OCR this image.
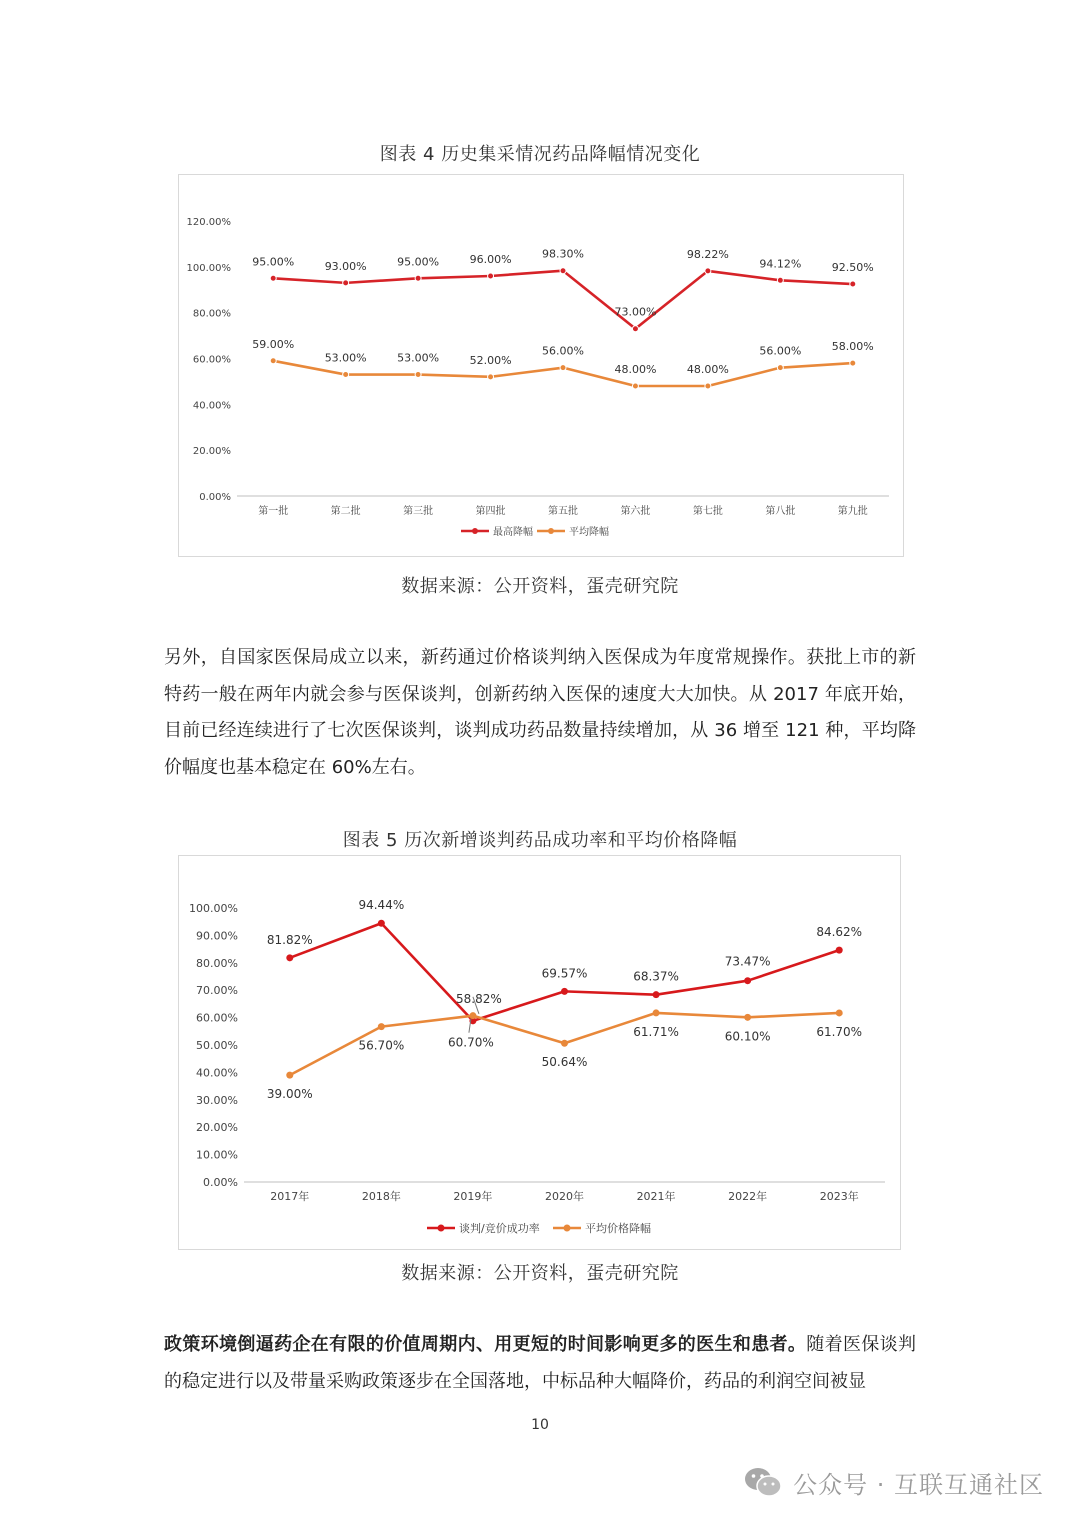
图表 4 历史集采情况药品降幅情况变化
0.00%
20.00%
40.00%
60.00%
80.00%
100.00%
120.00%
第一批	第二批	第三批	第四批	第五批	第六批	第七批	第八批	第九批
95.00%	93.00%	95.00%	96.00%	98.30%
73.00%
98.22%
94.12%	92.50%
59.00%
53.00%	53.00%	52.00%
56.00%
48.00%	48.00%
56.00%	58.00%
最高降幅	平均降幅
数据来源：公开资料，蛋壳研究院

另外，自国家医保局成立以来，新药通过价格谈判纳入医保成为年度常规操作。获批上市的新特药一般在两年内就会参与医保谈判，创新药纳入医保的速度大大加快。从 2017 年底开始，目前已经连续进行了七次医保谈判，谈判成功药品数量持续增加，从 36 增至 121 种，平均降价幅度也基本稳定在 60%左右。

图表 5 历次新增谈判药品成功率和平均价格降幅
0.00%
10.00%
20.00%
30.00%
40.00%
50.00%
60.00%
70.00%
80.00%
90.00%
100.00%
2017年	2018年	2019年	2020年	2021年	2022年	2023年
81.82%
94.44%
58.82%
69.57%	68.37%
73.47%
84.62%
39.00%
56.70%	60.70%
50.64%
61.71%	60.10%	61.70%
谈判/竞价成功率	平均价格降幅
数据来源：公开资料，蛋壳研究院

政策环境倒逼药企在有限的价值周期内、用更短的时间影响更多的医生和患者。随着医保谈判的稳定进行以及带量采购政策逐步在全国落地，中标品种大幅降价，药品的利润空间被显

10
公众号 · 互联互通社区
